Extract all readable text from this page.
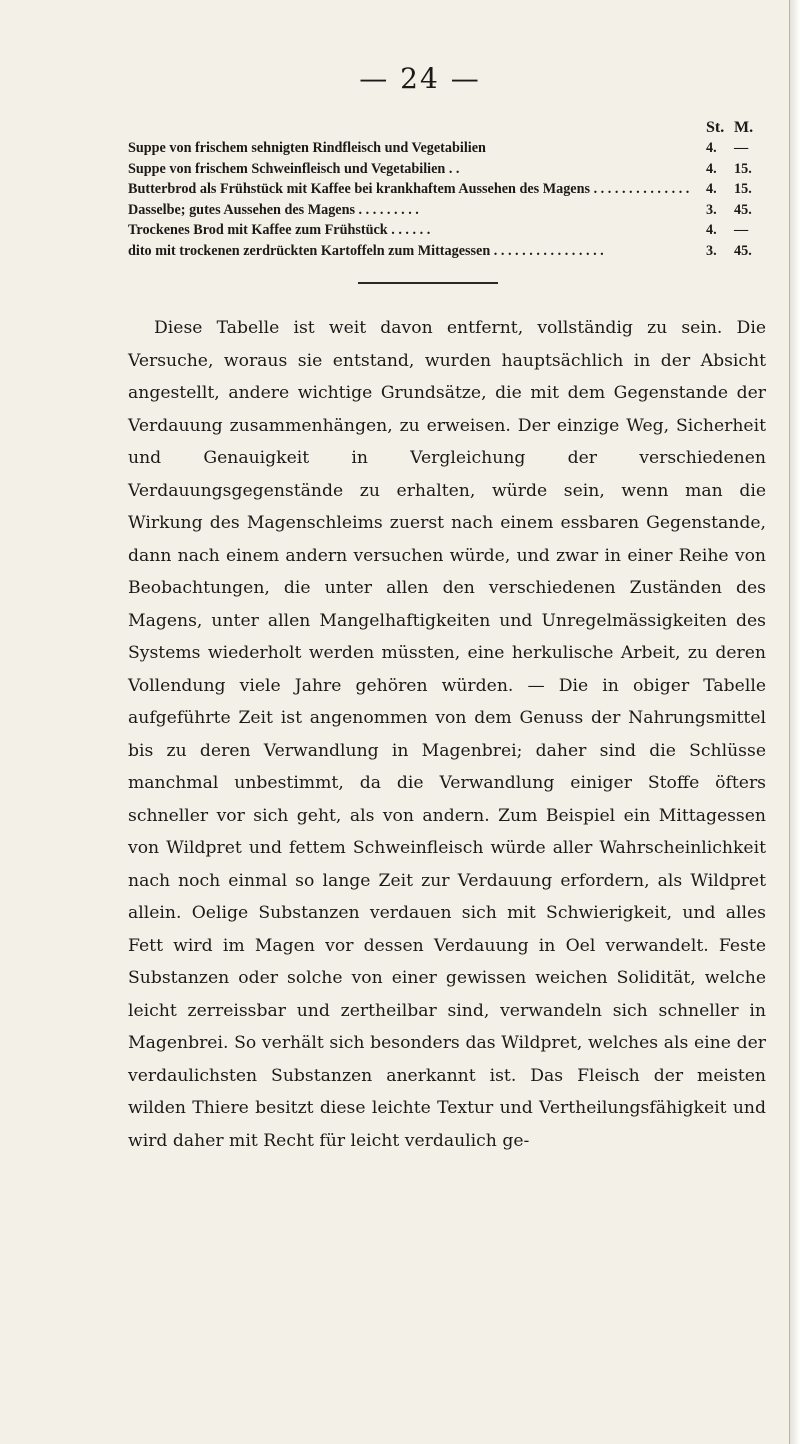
— 24 —
St. M.
Suppe von frischem sehnigten Rindfleisch und Vegetabilien	4.	—
Suppe von frischem Schweinfleisch und Vegetabilien . .	4.	15.
Butterbrod als Frühstück mit Kaffee bei krankhaftem Aussehen des Magens . . . . . . . . . . . . . .	4.	15.
Dasselbe; gutes Aussehen des Magens . . . . . . . . .	3.	45.
Trockenes Brod mit Kaffee zum Frühstück . . . . . .	4.	—
dito mit trockenen zerdrückten Kartoffeln zum Mittagessen . . . . . . . . . . . . . . . .	3.	45.

Diese Tabelle ist weit davon entfernt, vollständig zu sein. Die Versuche, woraus sie entstand, wurden hauptsächlich in der Absicht angestellt, andere wichtige Grundsätze, die mit dem Gegenstande der Verdauung zusammenhängen, zu erweisen. Der einzige Weg, Sicherheit und Genauigkeit in Vergleichung der verschiedenen Verdauungsgegenstände zu erhalten, würde sein, wenn man die Wirkung des Magenschleims zuerst nach einem essbaren Gegenstande, dann nach einem andern versuchen würde, und zwar in einer Reihe von Beobachtungen, die unter allen den verschiedenen Zuständen des Magens, unter allen Mangelhaftigkeiten und Unregelmässigkeiten des Systems wiederholt werden müssten, eine herkulische Arbeit, zu deren Vollendung viele Jahre gehören würden. — Die in obiger Tabelle aufgeführte Zeit ist angenommen von dem Genuss der Nahrungsmittel bis zu deren Verwandlung in Magenbrei; daher sind die Schlüsse manchmal unbestimmt, da die Verwandlung einiger Stoffe öfters schneller vor sich geht, als von andern. Zum Beispiel ein Mittagessen von Wildpret und fettem Schweinfleisch würde aller Wahrscheinlichkeit nach noch einmal so lange Zeit zur Verdauung erfordern, als Wildpret allein. Oelige Substanzen verdauen sich mit Schwierigkeit, und alles Fett wird im Magen vor dessen Verdauung in Oel verwandelt. Feste Substanzen oder solche von einer gewissen weichen Solidität, welche leicht zerreissbar und zertheilbar sind, verwandeln sich schneller in Magenbrei. So verhält sich besonders das Wildpret, welches als eine der verdaulichsten Substanzen anerkannt ist. Das Fleisch der meisten wilden Thiere besitzt diese leichte Textur und Vertheilungsfähigkeit und wird daher mit Recht für leicht verdaulich ge-
